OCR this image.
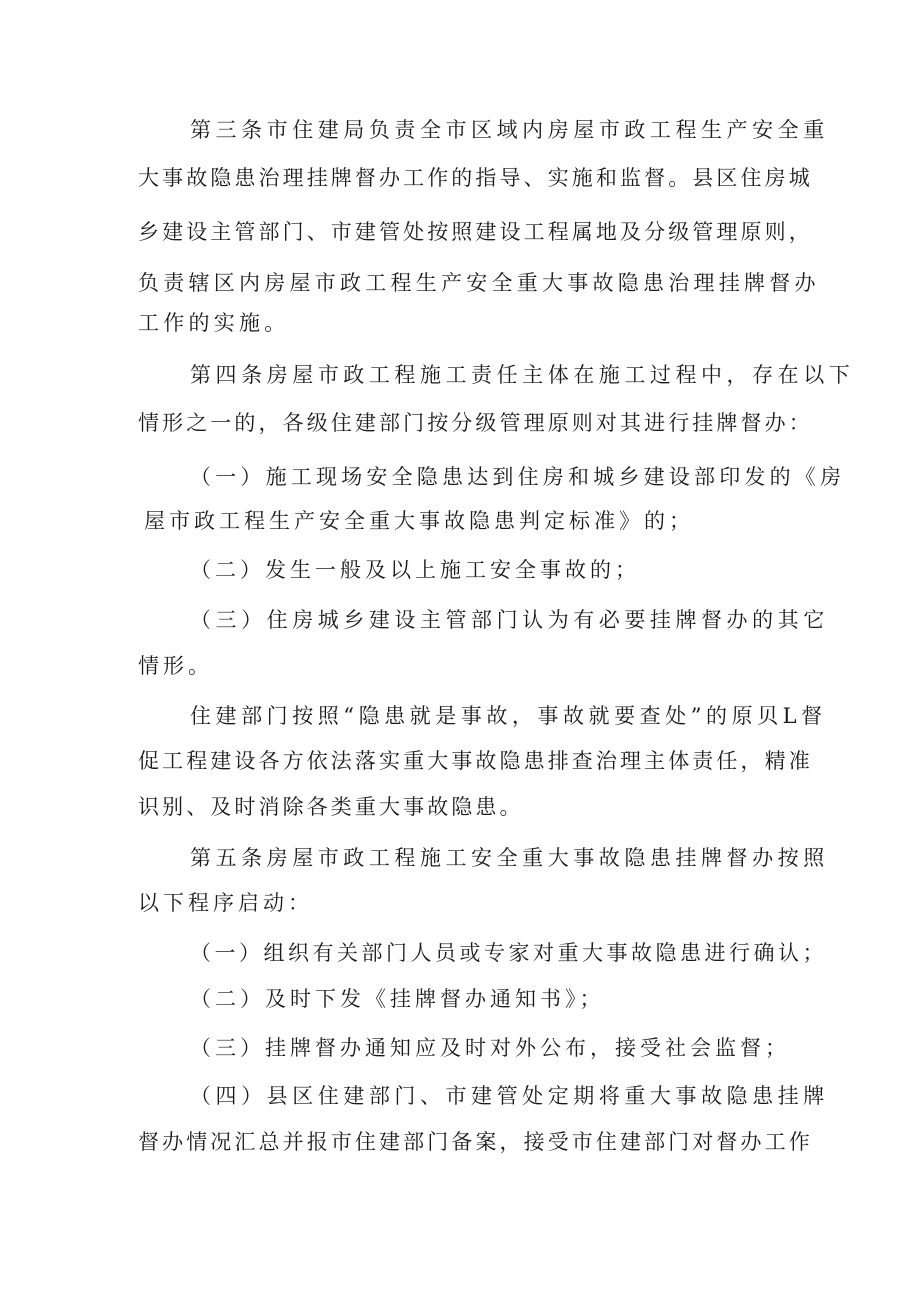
第三条市住建局负责全市区域内房屋市政工程生产安全重
大事故隐患治理挂牌督办工作的指导、实施和监督。县区住房城
乡建设主管部门、市建管处按照建设工程属地及分级管理原则，
负责辖区内房屋市政工程生产安全重大事故隐患治理挂牌督办
工作的实施。
第四条房屋市政工程施工责任主体在施工过程中，存在以下
情形之一的，各级住建部门按分级管理原则对其进行挂牌督办：
（一）施工现场安全隐患达到住房和城乡建设部印发的《房
屋市政工程生产安全重大事故隐患判定标准》的；
（二）发生一般及以上施工安全事故的；
（三）住房城乡建设主管部门认为有必要挂牌督办的其它
情形。
住建部门按照“隐患就是事故，事故就要查处”的原贝L督
促工程建设各方依法落实重大事故隐患排查治理主体责任，精准
识别、及时消除各类重大事故隐患。
第五条房屋市政工程施工安全重大事故隐患挂牌督办按照
以下程序启动：
（一）组织有关部门人员或专家对重大事故隐患进行确认；
（二）及时下发《挂牌督办通知书》；
（三）挂牌督办通知应及时对外公布，接受社会监督；
（四）县区住建部门、市建管处定期将重大事故隐患挂牌
督办情况汇总并报市住建部门备案，接受市住建部门对督办工作
